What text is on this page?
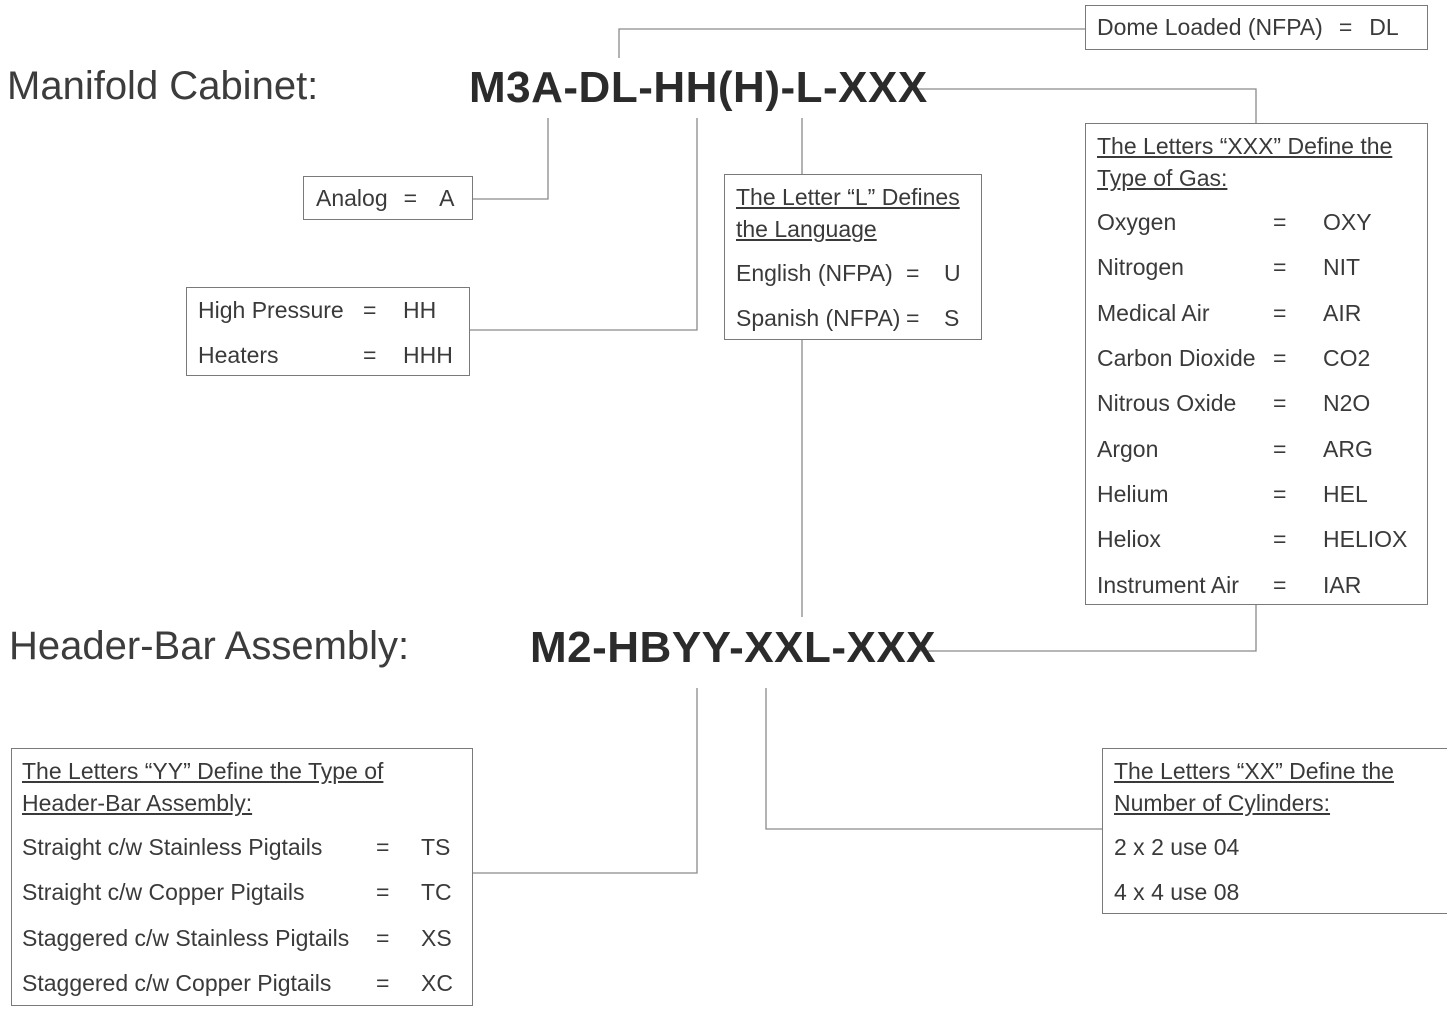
Manifold Cabinet:	M3A-DL-HH(H)-L-XXX
Header-Bar Assembly:	M2-HBYY-XXL-XXX
Dome Loaded (NFPA) = DL
Analog = A
High Pressure =	HH
Heaters	=	HHH
The Letter “L” Defines
the Language
English (NFPA) =	U
Spanish (NFPA) =	S
The Letters “XXX” Define the
Type of Gas:
Oxygen	=	OXY
Nitrogen	=	NIT
Medical Air	=	AIR
Carbon Dioxide =	CO2
Nitrous Oxide	=	N2O
Argon	=	ARG
Helium	=	HEL
Heliox	=	HELIOX
Instrument Air	=	IAR
The Letters “YY” Define the Type of
Header-Bar Assembly:
Straight c/w Stainless Pigtails	=	TS
Straight c/w Copper Pigtails	=	TC
Staggered c/w Stainless Pigtails	=	XS
Staggered c/w Copper Pigtails	=	XC
The Letters “XX” Define the
Number of Cylinders:
2 x 2 use 04
4 x 4 use 08
